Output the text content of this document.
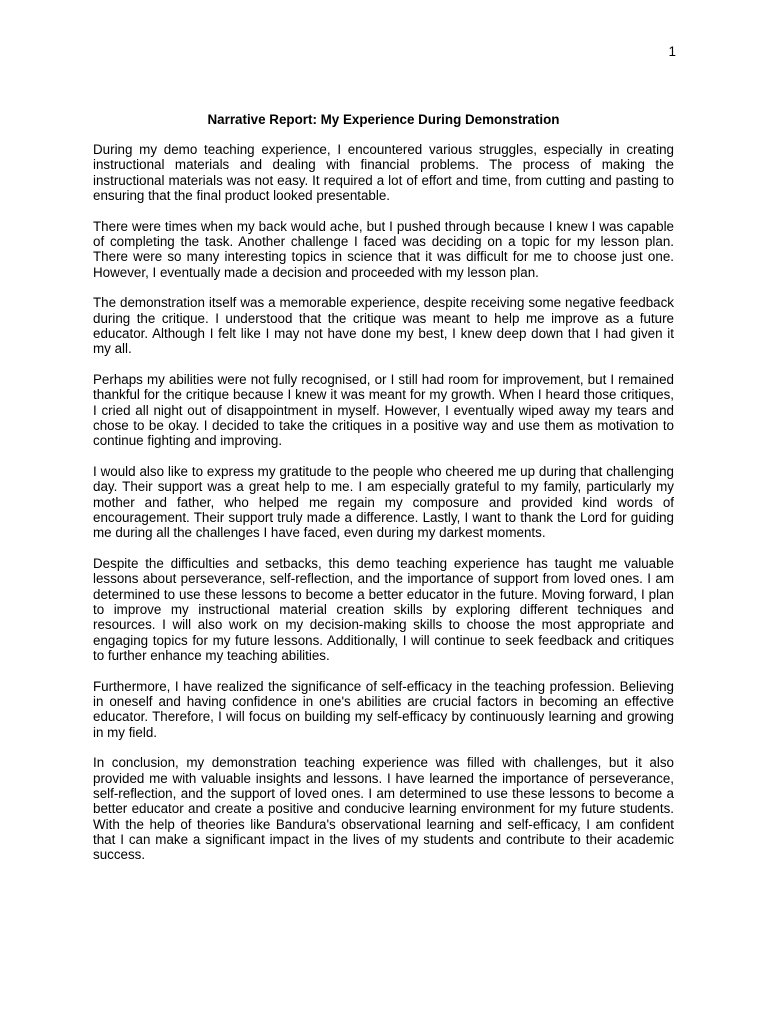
1
Narrative Report: My Experience During Demonstration

During my demo teaching experience, I encountered various struggles, especially in creating instructional materials and dealing with financial problems. The process of making the instructional materials was not easy. It required a lot of effort and time, from cutting and pasting to ensuring that the final product looked presentable.

There were times when my back would ache, but I pushed through because I knew I was capable of completing the task. Another challenge I faced was deciding on a topic for my lesson plan. There were so many interesting topics in science that it was difficult for me to choose just one. However, I eventually made a decision and proceeded with my lesson plan.

The demonstration itself was a memorable experience, despite receiving some negative feedback during the critique. I understood that the critique was meant to help me improve as a future educator. Although I felt like I may not have done my best, I knew deep down that I had given it my all.

Perhaps my abilities were not fully recognised, or I still had room for improvement, but I remained thankful for the critique because I knew it was meant for my growth. When I heard those critiques, I cried all night out of disappointment in myself. However, I eventually wiped away my tears and chose to be okay. I decided to take the critiques in a positive way and use them as motivation to continue fighting and improving.

I would also like to express my gratitude to the people who cheered me up during that challenging day. Their support was a great help to me. I am especially grateful to my family, particularly my mother and father, who helped me regain my composure and provided kind words of encouragement. Their support truly made a difference. Lastly, I want to thank the Lord for guiding me during all the challenges I have faced, even during my darkest moments.

Despite the difficulties and setbacks, this demo teaching experience has taught me valuable lessons about perseverance, self-reflection, and the importance of support from loved ones. I am determined to use these lessons to become a better educator in the future. Moving forward, I plan to improve my instructional material creation skills by exploring different techniques and resources. I will also work on my decision-making skills to choose the most appropriate and engaging topics for my future lessons. Additionally, I will continue to seek feedback and critiques to further enhance my teaching abilities.

Furthermore, I have realized the significance of self-efficacy in the teaching profession. Believing in oneself and having confidence in one's abilities are crucial factors in becoming an effective educator. Therefore, I will focus on building my self-efficacy by continuously learning and growing in my field.

In conclusion, my demonstration teaching experience was filled with challenges, but it also provided me with valuable insights and lessons. I have learned the importance of perseverance, self-reflection, and the support of loved ones. I am determined to use these lessons to become a better educator and create a positive and conducive learning environment for my future students. With the help of theories like Bandura's observational learning and self-efficacy, I am confident that I can make a significant impact in the lives of my students and contribute to their academic success.
